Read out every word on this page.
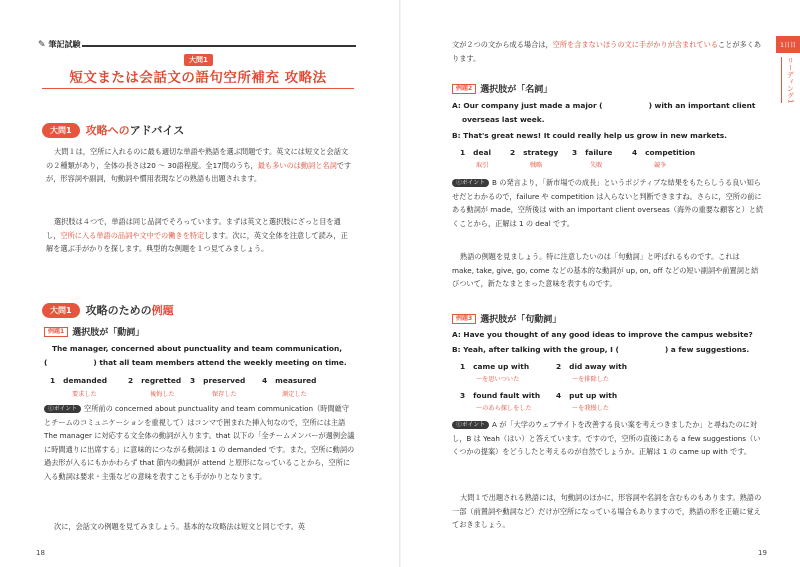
✎ 筆記試験
大問1
短文または会話文の語句空所補充 攻略法
大問1	攻略へのアドバイス

大問１は，空所に入れるのに最も適切な単語や熟語を選ぶ問題です。英文には短文と会話文の２種類があり，全体の長さは20 ～ 30語程度。全17問のうち，最も多いのは動詞と名詞ですが，形容詞や副詞，句動詞や慣用表現などの熟語も出題されます。

選択肢は４つで，単語は同じ品詞でそろっています。まずは英文と選択肢にざっと目を通し，空所に入る単語の品詞や文中での働きを特定します。次に，英文全体を注意して読み，正解を選ぶ手がかりを探します。典型的な例題を１つ見てみましょう。

大問1	攻略のための例題
例題1 選択肢が「動詞」

The manager, concerned about punctuality and team communication,

(	) that all team members attend the weekly meeting on time.

1 demanded
要求した
2 regretted
後悔した
3 preserved
保存した
4 measured
測定した

ⓘポイント 空所前の concerned about punctuality and team communication（時間厳守とチームのコミュニケーションを重視して）はコンマで囲まれた挿入句なので，空所には主語 The manager に対応する文全体の動詞が入ります。that 以下の「全チームメンバーが週例会議に時間通りに出席する」に意味的につながる動詞は 1 の demanded です。また，空所に動詞の過去形が入るにもかかわらず that 節内の動詞が attend と原形になっていることから，空所に入る動詞は要求・主張などの意味を表すことも手がかりとなります。

次に，会話文の例題を見てみましょう。基本的な攻略法は短文と同じです。英

18

文が２つの文から成る場合は，空所を含まないほうの文に手がかりが含まれていることが多くあります。

例題2 選択肢が「名詞」

A: Our company just made a major (	) with an important client

overseas last week.

B: That's great news! It could really help us grow in new markets.

1 deal
取引
2 strategy
戦略
3 failure
失敗
4 competition
競争

ⓘポイント B の発言より，「新市場での成長」というポジティブな結果をもたらしうる良い知らせだとわかるので，failure や competition は入らないと判断できますね。さらに，空所の前にある動詞が made，空所後は with an important client overseas（海外の重要な顧客と）と続くことから，正解は 1 の deal です。

熟語の例題を見ましょう。特に注意したいのは「句動詞」と呼ばれるものです。これは make, take, give, go, come などの基本的な動詞が up, on, off などの短い副詞や前置詞と結びついて，新たなまとまった意味を表すものです。

例題3 選択肢が「句動詞」

A: Have you thought of any good ideas to improve the campus website?

B: Yeah, after talking with the group, I (	) a few suggestions.

1 came up with
～を思いついた
2 did away with
～を排除した
3 found fault with
～のあら探しをした
4 put up with
～を我慢した

ⓘポイント A が「大学のウェブサイトを改善する良い案を考えつきましたか」と尋ねたのに対し，B は Yeah（はい）と答えています。ですので，空所の直後にある a few suggestions（いくつかの提案）をどうしたと考えるのが自然でしょうか。正解は 1 の came up with です。

大問１で出題される熟語には，句動詞のほかに，形容詞や名詞を含むものもあります。熟語の一部（前置詞や動詞など）だけが空所になっている場合もありますので，熟語の形を正確に覚えておきましょう。

19
1日目
リーディング1
